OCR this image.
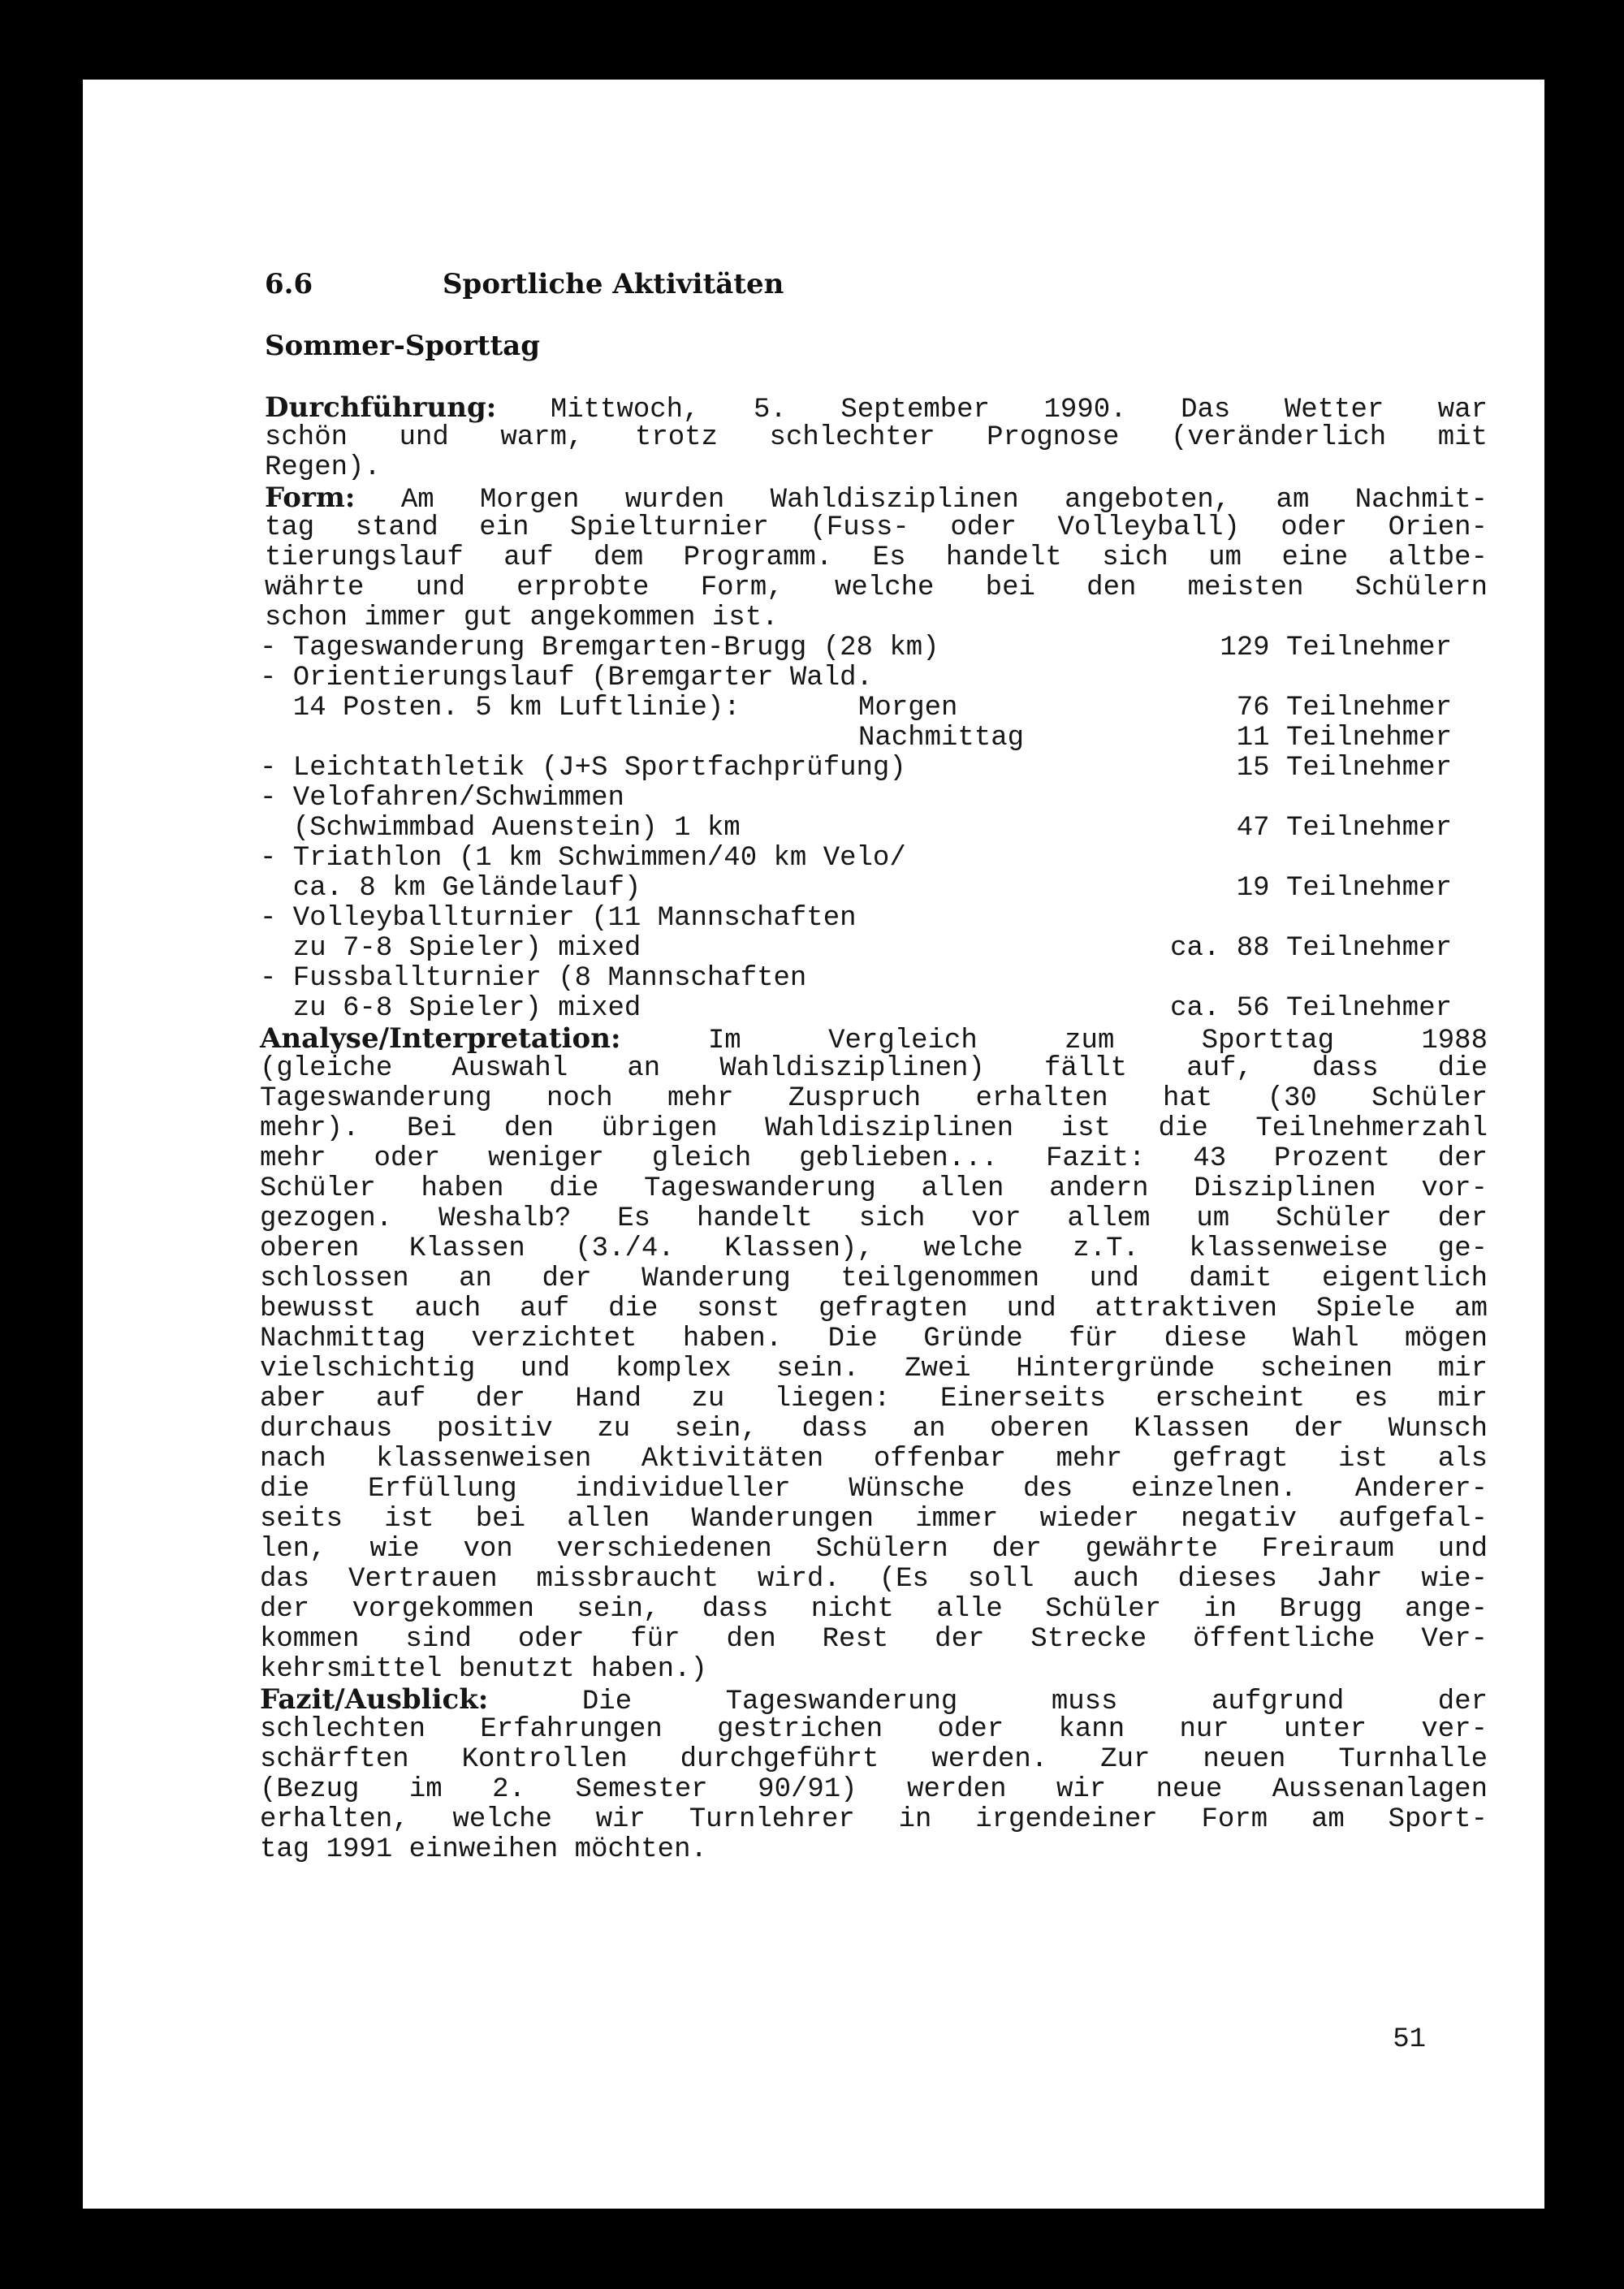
6.6	Sportliche Aktivitäten
Sommer-Sporttag
Durchführung: Mittwoch, 5. September 1990. Das Wetter war
schön und warm, trotz schlechter Prognose (veränderlich mit
Regen).
Form: Am Morgen wurden Wahldisziplinen angeboten, am Nachmit-
tag stand ein Spielturnier (Fuss- oder Volleyball) oder Orien-
tierungslauf auf dem Programm. Es handelt sich um eine altbe-
währte und erprobte Form, welche bei den meisten Schülern
schon immer gut angekommen ist.
- Tageswanderung Bremgarten-Brugg (28 km)	129 Teilnehmer
- Orientierungslauf (Bremgarter Wald.
14 Posten. 5 km Luftlinie):	Morgen	76 Teilnehmer
Nachmittag	11 Teilnehmer
- Leichtathletik (J+S Sportfachprüfung)	15 Teilnehmer
- Velofahren/Schwimmen
(Schwimmbad Auenstein) 1 km	47 Teilnehmer
- Triathlon (1 km Schwimmen/40 km Velo/
ca. 8 km Geländelauf)	19 Teilnehmer
- Volleyballturnier (11 Mannschaften
zu 7-8 Spieler) mixed	ca. 88 Teilnehmer
- Fussballturnier (8 Mannschaften
zu 6-8 Spieler) mixed	ca. 56 Teilnehmer
Analyse/Interpretation:	Im Vergleich zum Sporttag 1988
(gleiche Auswahl an Wahldisziplinen) fällt auf, dass die
Tageswanderung noch mehr Zuspruch erhalten hat (30 Schüler
mehr). Bei den übrigen Wahldisziplinen ist die Teilnehmerzahl
mehr oder weniger gleich geblieben... Fazit: 43 Prozent der
Schüler haben die Tageswanderung allen andern Disziplinen vor-
gezogen. Weshalb? Es handelt sich vor allem um Schüler der
oberen Klassen (3./4. Klassen), welche z.T. klassenweise ge-
schlossen an der Wanderung teilgenommen und damit eigentlich
bewusst auch auf die sonst gefragten und attraktiven Spiele am
Nachmittag verzichtet haben. Die Gründe für diese Wahl mögen
vielschichtig und komplex sein. Zwei Hintergründe scheinen mir
aber auf der Hand zu liegen: Einerseits erscheint es mir
durchaus positiv zu sein, dass an oberen Klassen der Wunsch
nach klassenweisen Aktivitäten offenbar mehr gefragt ist als
die Erfüllung individueller Wünsche des einzelnen. Anderer-
seits ist bei allen Wanderungen immer wieder negativ aufgefal-
len, wie von verschiedenen Schülern der gewährte Freiraum und
das Vertrauen missbraucht wird. (Es soll auch dieses Jahr wie-
der vorgekommen sein, dass nicht alle Schüler in Brugg ange-
kommen sind oder für den Rest der Strecke öffentliche Ver-
kehrsmittel benutzt haben.)
Fazit/Ausblick:	Die Tageswanderung muss aufgrund der
schlechten Erfahrungen gestrichen oder kann nur unter ver-
schärften Kontrollen durchgeführt werden. Zur neuen Turnhalle
(Bezug im 2. Semester 90/91) werden wir neue Aussenanlagen
erhalten, welche wir Turnlehrer in irgendeiner Form am Sport-
tag 1991 einweihen möchten.
51
